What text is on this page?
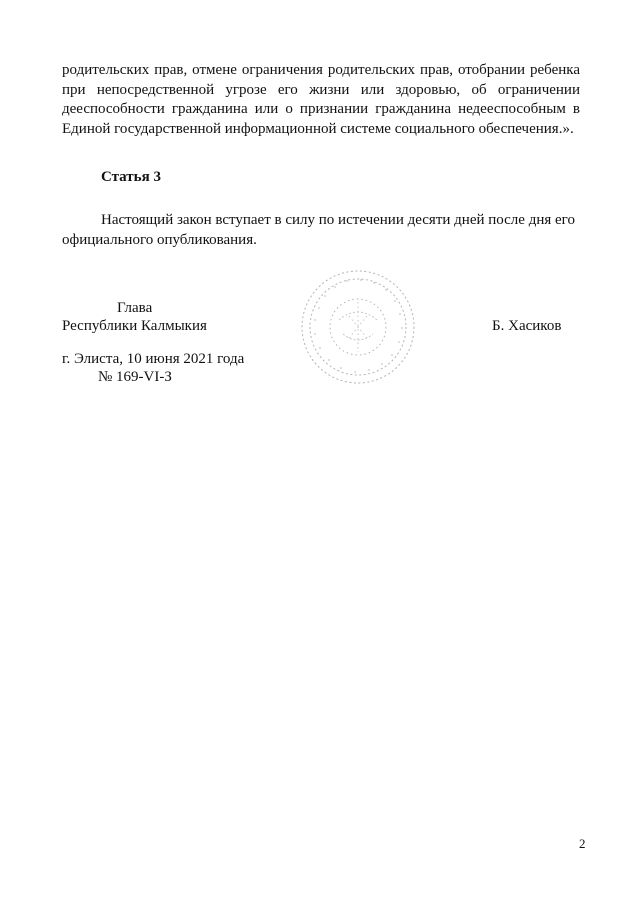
родительских прав, отмене ограничения родительских прав, отобрании ребенка
при непосредственной угрозе его жизни или здоровью, об ограничении
дееспособности гражданина или о признании гражданина недееспособным в
Единой государственной информационной системе социального обеспечения.».
Статья 3
Настоящий закон вступает в силу по истечении десяти дней после дня его
официального опубликования.
Глава
Республики Калмыкия	Б. Хасиков
г. Элиста, 10 июня 2021 года
№ 169-VI-З
2
